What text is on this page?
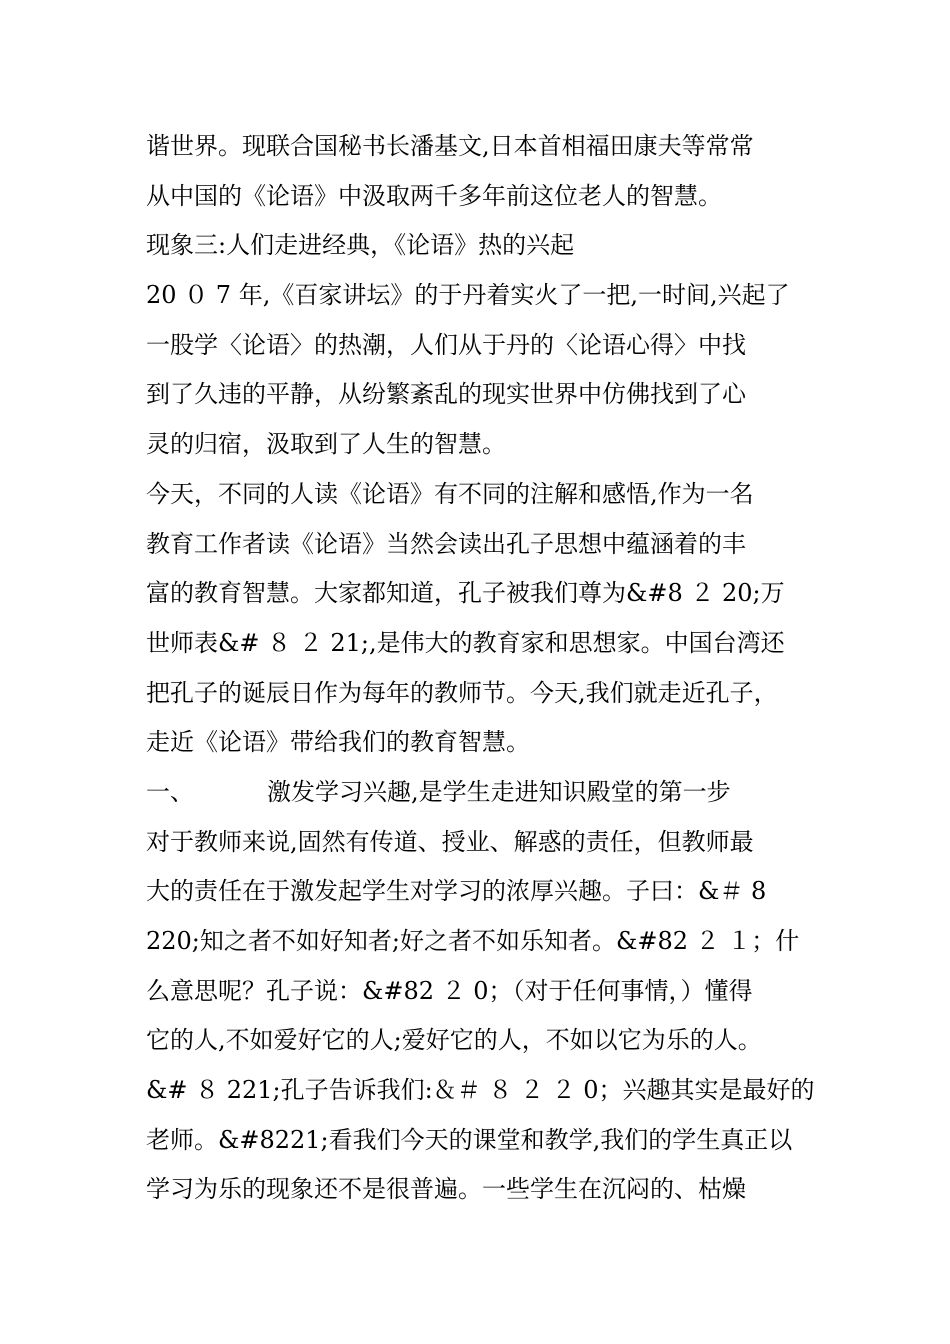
谐世界。现联合国秘书长潘基文,日本首相福田康夫等常常
从中国的《论语》中汲取两千多年前这位老人的智慧。
现象三:人们走进经典，《论语》热的兴起
20 ０ 7 年,《百家讲坛》的于丹着实火了一把,一时间,兴起了
一股学〈论语〉的热潮，人们从于丹的〈论语心得〉中找
到了久违的平静，从纷繁紊乱的现实世界中仿佛找到了心
灵的归宿，汲取到了人生的智慧。
今天，不同的人读《论语》有不同的注解和感悟,作为一名
教育工作者读《论语》当然会读出孔子思想中蕴涵着的丰
富的教育智慧。大家都知道，孔子被我们尊为&#8 ２ 20;万
世师表&# ８ ２ 21;,是伟大的教育家和思想家。中国台湾还
把孔子的诞辰日作为每年的教师节。今天,我们就走近孔子，
走近《论语》带给我们的教育智慧。
一、	激发学习兴趣,是学生走进知识殿堂的第一步
对于教师来说,固然有传道、授业、解惑的责任，但教师最
大的责任在于激发起学生对学习的浓厚兴趣。子曰：&＃ 8
220;知之者不如好知者;好之者不如乐知者。&#82 ２ １；什
么意思呢？孔子说：&#82 ２ 0；（对于任何事情，）懂得
它的人,不如爱好它的人;爱好它的人，不如以它为乐的人。
&# ８ 221;孔子告诉我们:＆＃ ８ ２ ２ 0；兴趣其实是最好的
老师。&#8221;看我们今天的课堂和教学,我们的学生真正以
学习为乐的现象还不是很普遍。一些学生在沉闷的、枯燥
